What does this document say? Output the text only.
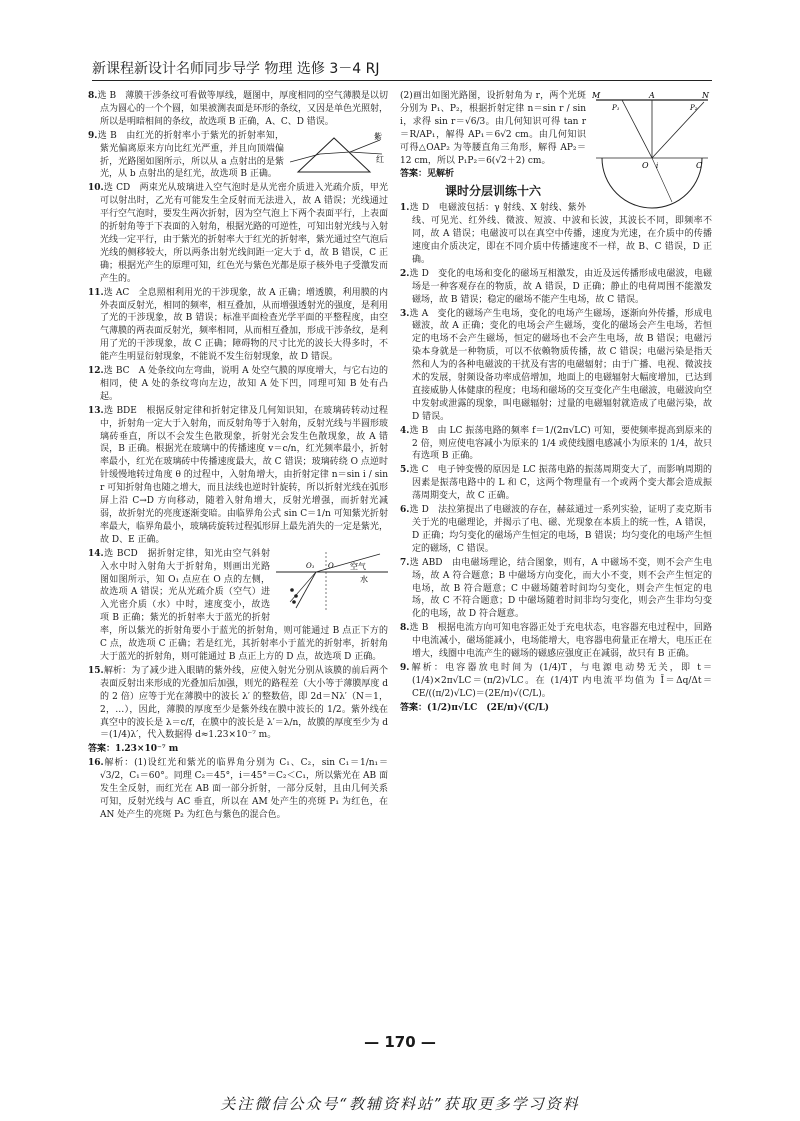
新课程新设计名师同步导学 物理 选修 3－4 RJ
8.选 B　薄膜干涉条纹可看做等厚线，题图中，厚度相同的空气薄膜是以切点为圆心的一个个圆，如果被测表面是环形的条纹，又因是单色光照射，所以是明暗相间的条纹，故选项 B 正确，A、C、D 错误。
紫
红
9.选 B　由红光的折射率小于紫光的折射率知，紫光偏离原来方向比红光严重，并且向顶端偏折，光路图如图所示，所以从 a 点射出的是紫光，从 b 点射出的是红光，故选项 B 正确。
10.选 CD　两束光从玻璃进入空气泡时是从光密介质进入光疏介质，甲光可以射出时，乙光有可能发生全反射而无法进入，故 A 错误；光线通过平行空气泡时，要发生两次折射，因为空气泡上下两个表面平行，上表面的折射角等于下表面的入射角，根据光路的可逆性，可知出射光线与入射光线一定平行，由于紫光的折射率大于红光的折射率，紫光通过空气泡后光线的侧移较大，所以两条出射光线间距一定大于 d，故 B 错误，C 正确；根据光产生的原理可知，红色光与紫色光都是原子核外电子受激发而产生的。
11.选 AC　全息照相利用光的干涉现象，故 A 正确；增透膜，利用膜的内外表面反射光，相同的频率，相互叠加，从而增强透射光的强度，是利用了光的干涉现象，故 B 错误；标准平面检查光学平面的平整程度，由空气薄膜的两表面反射光，频率相同，从而相互叠加，形成干涉条纹，是利用了光的干涉现象，故 C 正确；障碍物的尺寸比光的波长大得多时，不能产生明显衍射现象，不能说不发生衍射现象，故 D 错误。
12.选 BC　A 处条纹向左弯曲，说明 A 处空气膜的厚度增大，与它右边的相同，使 A 处的条纹弯向左边，故知 A 处下凹，同理可知 B 处有凸起。
13.选 BDE　根据反射定律和折射定律及几何知识知，在玻璃砖转动过程中，折射角一定大于入射角，而反射角等于入射角，反射光线与半圆形玻璃砖垂直，所以不会发生色散现象，折射光会发生色散现象，故 A 错误，B 正确。根据光在玻璃中的传播速度 v＝c/n，红光频率最小，折射率最小，红光在玻璃砖中传播速度最大，故 C 错误；玻璃砖绕 O 点逆时针缓慢地转过角度 θ 的过程中，入射角增大，由折射定律 n＝sin i / sin r 可知折射角也随之增大，而且法线也逆时针旋转，所以折射光线在弧形屏上沿 C→D 方向移动，随着入射角增大，反射光增强，而折射光减弱，故折射光的亮度逐渐变暗。由临界角公式 sin C＝1/n 可知紫光折射率最大，临界角最小，玻璃砖旋转过程弧形屏上最先消失的一定是紫光，故 D、E 正确。
空气
水
O₁ O
14.选 BCD　据折射定律，知光由空气斜射入水中时入射角大于折射角，则画出光路图如图所示，知 O₁ 点应在 O 点的左侧，故选项 A 错误；光从光疏介质（空气）进入光密介质（水）中时，速度变小，故选项 B 正确；紫光的折射率大于蓝光的折射率，所以紫光的折射角要小于蓝光的折射角，则可能通过 B 点正下方的 C 点，故选项 C 正确；若是红光，其折射率小于蓝光的折射率，折射角大于蓝光的折射角，则可能通过 B 点正上方的 D 点，故选项 D 正确。
15.解析：为了减少进入眼睛的紫外线，应使入射光分别从该膜的前后两个表面反射出来形成的光叠加后加强，则光的路程差（大小等于薄膜厚度 d 的 2 倍）应等于光在薄膜中的波长 λ′ 的整数倍，即 2d＝Nλ′（N＝1，2，…），因此，薄膜的厚度至少是紫外线在膜中波长的 1/2。紫外线在真空中的波长是 λ＝c/f，在膜中的波长是 λ′＝λ/n，故膜的厚度至少为 d＝(1/4)λ′，代入数据得 d≈1.23×10⁻⁷ m。
答案：1.23×10⁻⁷ m
16.解析：(1)设红光和紫光的临界角分别为 C₁、C₂，sin C₁＝1/n₁＝√3/2，C₁＝60°。同理 C₂＝45°，i＝45°＝C₂＜C₁，所以紫光在 AB 面发生全反射，而红光在 AB 面一部分折射，一部分反射，且由几何关系可知，反射光线与 AC 垂直，所以在 AM 处产生的亮斑 P₁ 为红色，在 AN 处产生的亮斑 P₂ 为红色与紫色的混合色。
M	A	N
P₁	P₂
O i	C
(2)画出如图光路图，设折射角为 r，两个光斑分别为 P₁、P₂，根据折射定律 n＝sin r / sin i，求得 sin r＝√6/3。由几何知识可得 tan r＝R/AP₁，解得 AP₁＝6√2 cm。由几何知识可得△OAP₂ 为等腰直角三角形，解得 AP₂＝12 cm，所以 P₁P₂＝6(√2＋2) cm。
答案：见解析
课时分层训练十六
1.选 D　电磁波包括：γ 射线、X 射线、紫外线、可见光、红外线、微波、短波、中波和长波，其波长不同，即频率不同，故 A 错误；电磁波可以在真空中传播，速度为光速，在介质中的传播速度由介质决定，即在不同介质中传播速度不一样，故 B、C 错误，D 正确。
2.选 D　变化的电场和变化的磁场互相激发，由近及远传播形成电磁波，电磁场是一种客观存在的物质，故 A 错误，D 正确；静止的电荷周围不能激发磁场，故 B 错误；稳定的磁场不能产生电场，故 C 错误。
3.选 A　变化的磁场产生电场，变化的电场产生磁场，逐渐向外传播，形成电磁波，故 A 正确；变化的电场会产生磁场，变化的磁场会产生电场，若恒定的电场不会产生磁场，恒定的磁场也不会产生电场，故 B 错误；电磁污染本身就是一种物质，可以不依赖物质传播，故 C 错误；电磁污染是指天然和人为的各种电磁波的干扰及有害的电磁辐射；由于广播、电视、微波技术的发展，射频设备功率成倍增加，地面上的电磁辐射大幅度增加，已达到直接威胁人体健康的程度；电场和磁场的交互变化产生电磁波，电磁波向空中发射或泄露的现象，叫电磁辐射；过量的电磁辐射就造成了电磁污染，故 D 错误。
4.选 B　由 LC 振荡电路的频率 f＝1/(2π√LC) 可知，要使频率提高到原来的 2 倍，则应使电容减小为原来的 1/4 或使线圈电感减小为原来的 1/4，故只有选项 B 正确。
5.选 C　电子钟变慢的原因是 LC 振荡电路的振荡周期变大了，而影响周期的因素是振荡电路中的 L 和 C，这两个物理量有一个或两个变大都会造成振荡周期变大，故 C 正确。
6.选 D　法拉第提出了电磁波的存在，赫兹通过一系列实验，证明了麦克斯韦关于光的电磁理论，并揭示了电、磁、光现象在本质上的统一性，A 错误，D 正确；均匀变化的磁场产生恒定的电场，B 错误；均匀变化的电场产生恒定的磁场，C 错误。
7.选 ABD　由电磁场理论，结合图象，则有，A 中磁场不变，则不会产生电场，故 A 符合题意；B 中磁场方向变化，而大小不变，则不会产生恒定的电场，故 B 符合题意；C 中磁场随着时间均匀变化，则会产生恒定的电场，故 C 不符合题意；D 中磁场随着时间非均匀变化，则会产生非均匀变化的电场，故 D 符合题意。
8.选 B　根据电流方向可知电容器正处于充电状态，电容器充电过程中，回路中电流减小，磁场能减小，电场能增大，电容器电荷量正在增大，电压正在增大，线圈中电流产生的磁场的磁感应强度正在减弱，故只有 B 正确。
9.解析：电容器放电时间为 (1/4)T，与电源电动势无关，即 t＝(1/4)×2π√LC＝(π/2)√LC。在 (1/4)T 内电流平均值为 Ī＝Δq/Δt＝CE/((π/2)√LC)＝(2E/π)√(C/L)。
答案：(1/2)π√LC　(2E/π)√(C/L)
— 170 —
关注微信公众号“教辅资料站”获取更多学习资料
